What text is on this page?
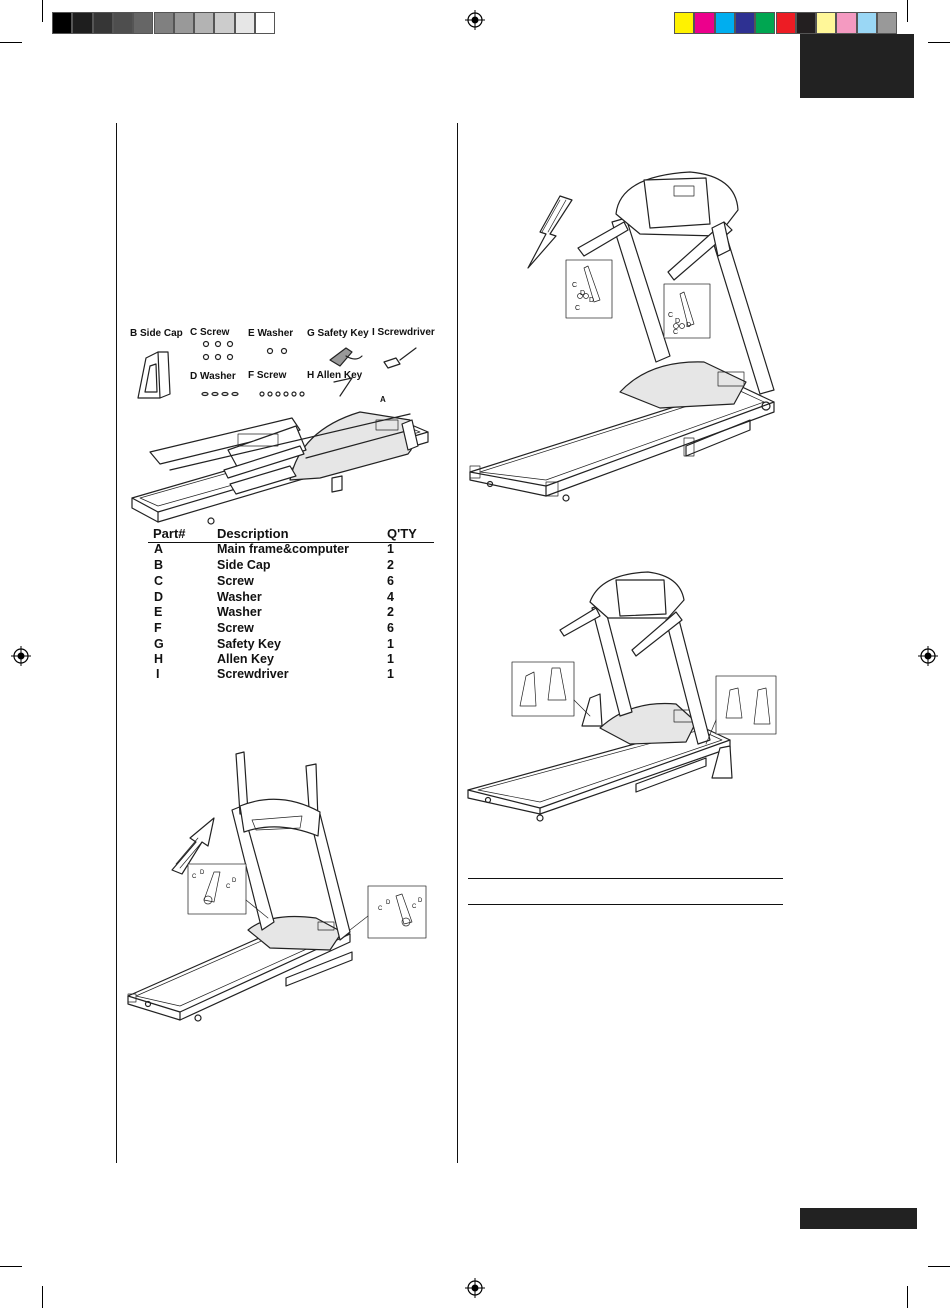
B Side Cap C Screw E Washer G Safety Key I Screwdriver
D Washer F Screw H Allen Key
A
Part# Description	Q'TY
A	Main frame&computer	1
B	Side Cap	2
C	Screw	6
D	Washer	4
E	Washer	2
F	Screw	6
G	Safety Key	1
H	Allen Key	1
I	Screwdriver	1
C
D
C
D
C
D
C
D
C
D
D
C
C
D
D
C
